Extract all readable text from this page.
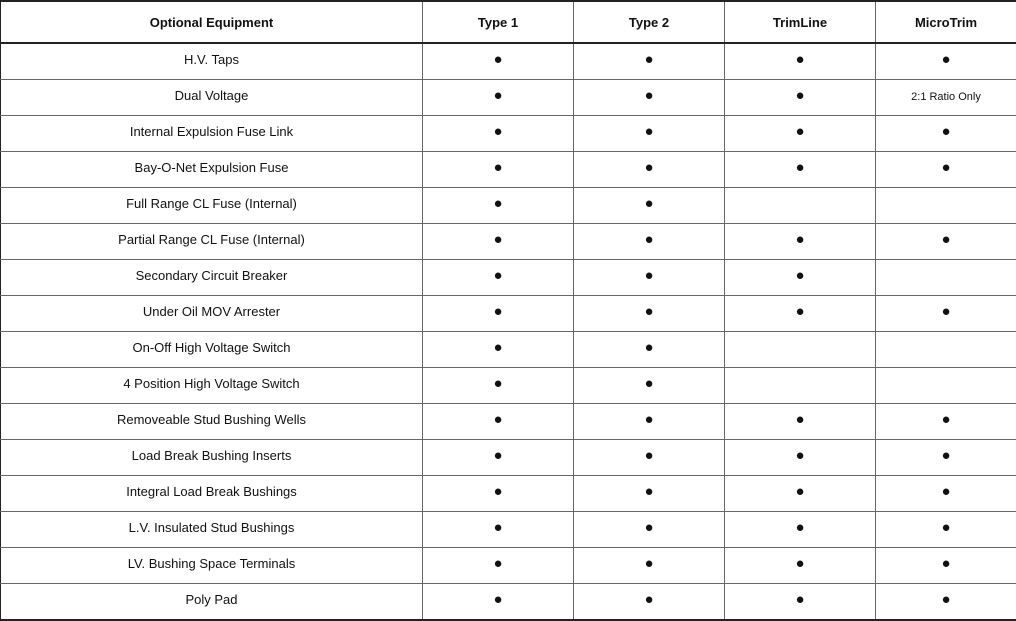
Optional Equipment	Type 1	Type 2	TrimLine	MicroTrim
H.V. Taps	●	●	●	●
Dual Voltage	●	●	●	2:1 Ratio Only
Internal Expulsion Fuse Link	●	●	●	●
Bay-O-Net Expulsion Fuse	●	●	●	●
Full Range CL Fuse (Internal)	●	●		
Partial Range CL Fuse (Internal)	●	●	●	●
Secondary Circuit Breaker	●	●	●	
Under Oil MOV Arrester	●	●	●	●
On-Off High Voltage Switch	●	●		
4 Position High Voltage Switch	●	●		
Removeable Stud Bushing Wells	●	●	●	●
Load Break Bushing Inserts	●	●	●	●
Integral Load Break Bushings	●	●	●	●
L.V. Insulated Stud Bushings	●	●	●	●
LV. Bushing Space Terminals	●	●	●	●
Poly Pad	●	●	●	●
